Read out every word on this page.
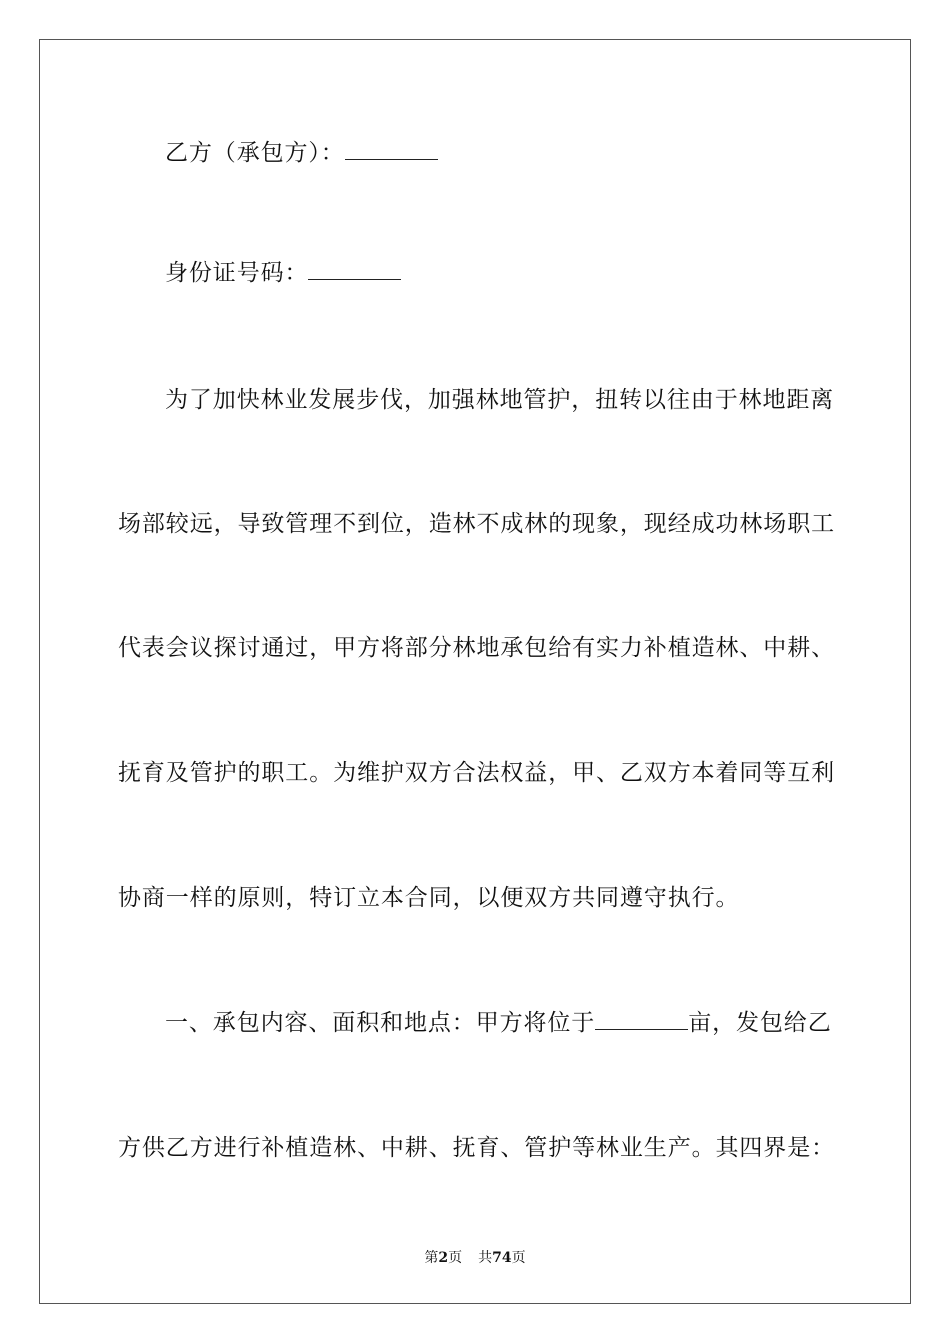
乙方（承包方）：
身份证号码：
为了加快林业发展步伐，加强林地管护，扭转以往由于林地距离
场部较远，导致管理不到位，造林不成林的现象，现经成功林场职工
代表会议探讨通过，甲方将部分林地承包给有实力补植造林、中耕、
抚育及管护的职工。为维护双方合法权益，甲、乙双方本着同等互利
协商一样的原则，特订立本合同，以便双方共同遵守执行。
一、承包内容、面积和地点：甲方将位于	亩，发包给乙
方供乙方进行补植造林、中耕、抚育、管护等林业生产。其四界是：
第2页 共74页
